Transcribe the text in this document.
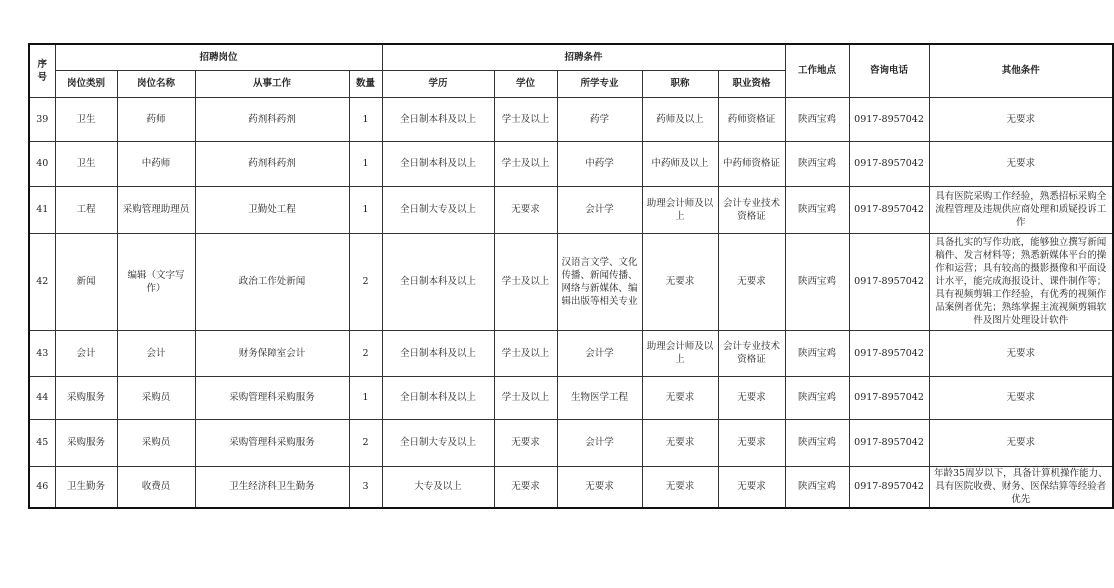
序号	招聘岗位				招聘条件					工作地点	咨询电话	其他条件
	岗位类别	岗位名称	从事工作	数量	学历	学位	所学专业	职称	职业资格			
39	卫生	药师	药剂科药剂	1	全日制本科及以上	学士及以上	药学	药师及以上	药师资格证	陕西宝鸡	0917-8957042	无要求
40	卫生	中药师	药剂科药剂	1	全日制本科及以上	学士及以上	中药学	中药师及以上	中药师资格证	陕西宝鸡	0917-8957042	无要求
41	工程	采购管理助理员	卫勤处工程	1	全日制大专及以上	无要求	会计学	助理会计师及以上	会计专业技术资格证	陕西宝鸡	0917-8957042	具有医院采购工作经验，熟悉招标采购全流程管理及违规供应商处理和质疑投诉工作
42	新闻	编辑（文字写作）	政治工作处新闻	2	全日制本科及以上	学士及以上	汉语言文学、文化传播、新闻传播、网络与新媒体、编辑出版等相关专业	无要求	无要求	陕西宝鸡	0917-8957042	具备扎实的写作功底，能够独立撰写新闻稿件、发言材料等；熟悉新媒体平台的操作和运营；具有较高的摄影摄像和平面设计水平，能完成海报设计、课件制作等；具有视频剪辑工作经验，有优秀的视频作品案例者优先；熟练掌握主流视频剪辑软件及图片处理设计软件
43	会计	会计	财务保障室会计	2	全日制本科及以上	学士及以上	会计学	助理会计师及以上	会计专业技术资格证	陕西宝鸡	0917-8957042	无要求
44	采购服务	采购员	采购管理科采购服务	1	全日制本科及以上	学士及以上	生物医学工程	无要求	无要求	陕西宝鸡	0917-8957042	无要求
45	采购服务	采购员	采购管理科采购服务	2	全日制大专及以上	无要求	会计学	无要求	无要求	陕西宝鸡	0917-8957042	无要求
46	卫生勤务	收费员	卫生经济科卫生勤务	3	大专及以上	无要求	无要求	无要求	无要求	陕西宝鸡	0917-8957042	年龄35周岁以下，具备计算机操作能力、具有医院收费、财务、医保结算等经验者优先
